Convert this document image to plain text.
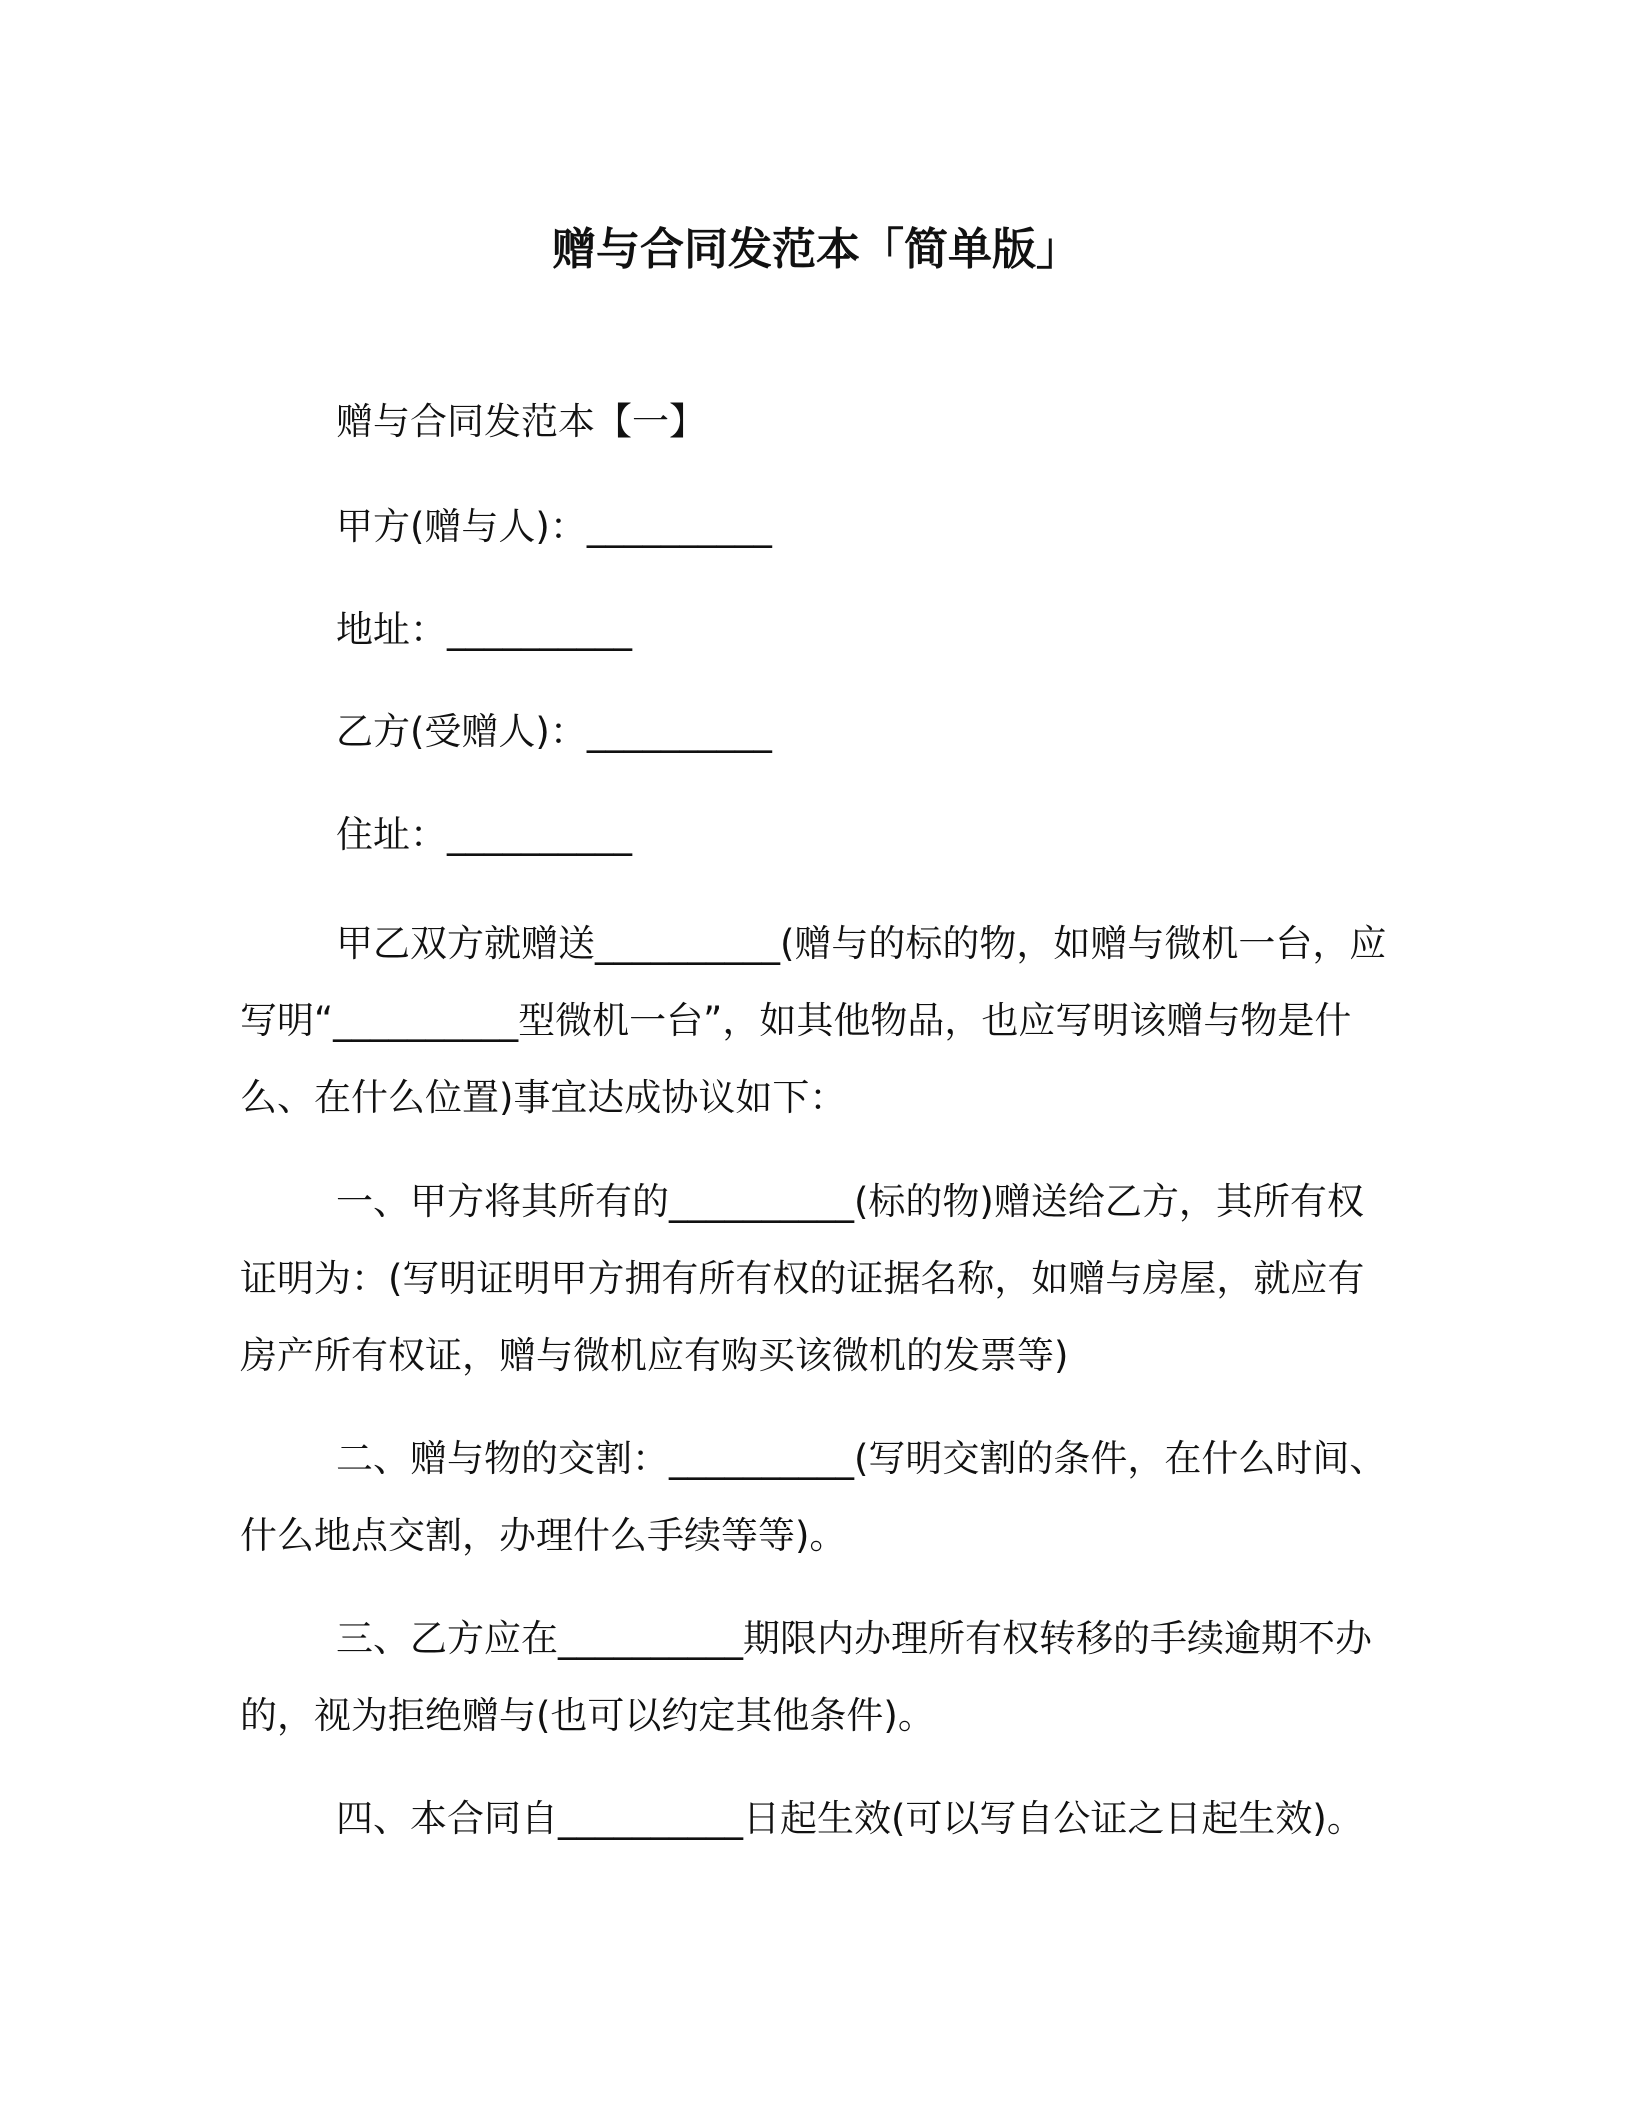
赠与合同发范本「简单版」
赠与合同发范本【一】
甲方(赠与人)：__________
地址：__________
乙方(受赠人)：__________
住址：__________

甲乙双方就赠送__________(赠与的标的物，如赠与微机一台，应写明“__________型微机一台”，如其他物品，也应写明该赠与物是什么、在什么位置)事宜达成协议如下：

一、甲方将其所有的__________(标的物)赠送给乙方，其所有权证明为：(写明证明甲方拥有所有权的证据名称，如赠与房屋，就应有房产所有权证，赠与微机应有购买该微机的发票等)

二、赠与物的交割：__________(写明交割的条件，在什么时间、什么地点交割，办理什么手续等等)。

三、乙方应在__________期限内办理所有权转移的手续逾期不办的，视为拒绝赠与(也可以约定其他条件)。

四、本合同自__________日起生效(可以写自公证之日起生效)。
